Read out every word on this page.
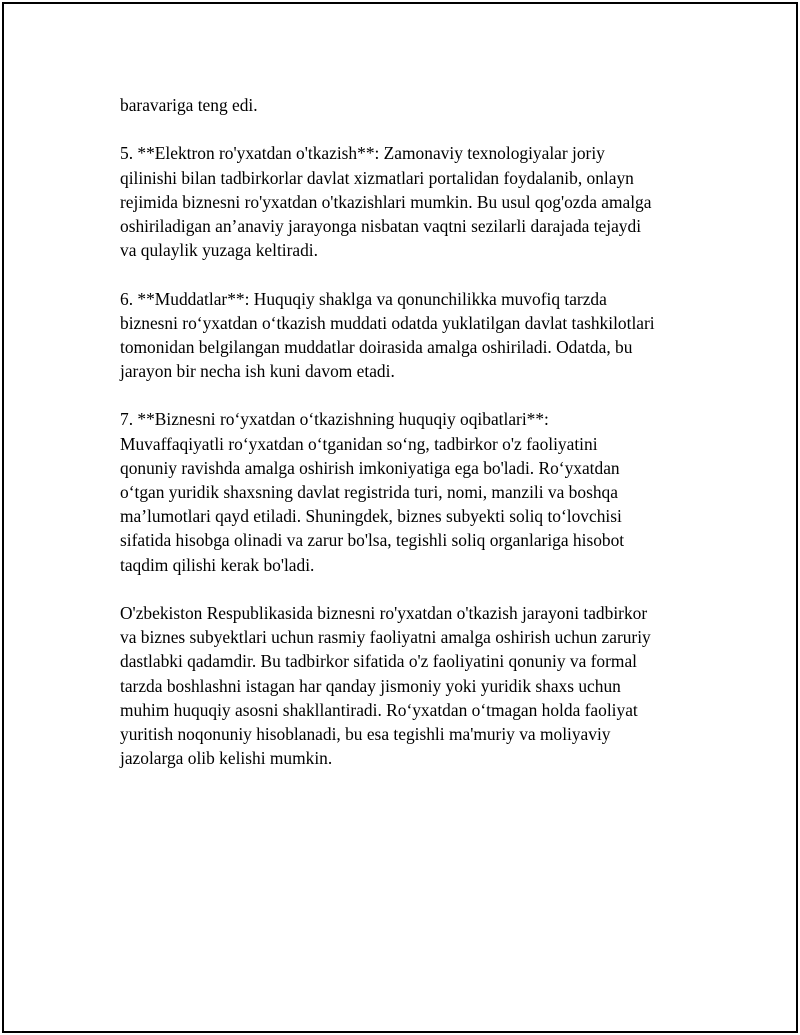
baravariga teng edi.
5. **Elektron ro'yxatdan o'tkazish**: Zamonaviy texnologiyalar joriy
qilinishi bilan tadbirkorlar davlat xizmatlari portalidan foydalanib, onlayn
rejimida biznesni ro'yxatdan o'tkazishlari mumkin. Bu usul qog'ozda amalga
oshiriladigan an’anaviy jarayonga nisbatan vaqtni sezilarli darajada tejaydi
va qulaylik yuzaga keltiradi.
6. **Muddatlar**: Huquqiy shaklga va qonunchilikka muvofiq tarzda
biznesni ro‘yxatdan o‘tkazish muddati odatda yuklatilgan davlat tashkilotlari
tomonidan belgilangan muddatlar doirasida amalga oshiriladi. Odatda, bu
jarayon bir necha ish kuni davom etadi.
7. **Biznesni ro‘yxatdan o‘tkazishning huquqiy oqibatlari**:
Muvaffaqiyatli ro‘yxatdan o‘tganidan so‘ng, tadbirkor o'z faoliyatini
qonuniy ravishda amalga oshirish imkoniyatiga ega bo'ladi. Ro‘yxatdan
o‘tgan yuridik shaxsning davlat registrida turi, nomi, manzili va boshqa
ma’lumotlari qayd etiladi. Shuningdek, biznes subyekti soliq to‘lovchisi
sifatida hisobga olinadi va zarur bo'lsa, tegishli soliq organlariga hisobot
taqdim qilishi kerak bo'ladi.
O'zbekiston Respublikasida biznesni ro'yxatdan o'tkazish jarayoni tadbirkor
va biznes subyektlari uchun rasmiy faoliyatni amalga oshirish uchun zaruriy
dastlabki qadamdir. Bu tadbirkor sifatida o'z faoliyatini qonuniy va formal
tarzda boshlashni istagan har qanday jismoniy yoki yuridik shaxs uchun
muhim huquqiy asosni shakllantiradi. Ro‘yxatdan o‘tmagan holda faoliyat
yuritish noqonuniy hisoblanadi, bu esa tegishli ma'muriy va moliyaviy
jazolarga olib kelishi mumkin.
